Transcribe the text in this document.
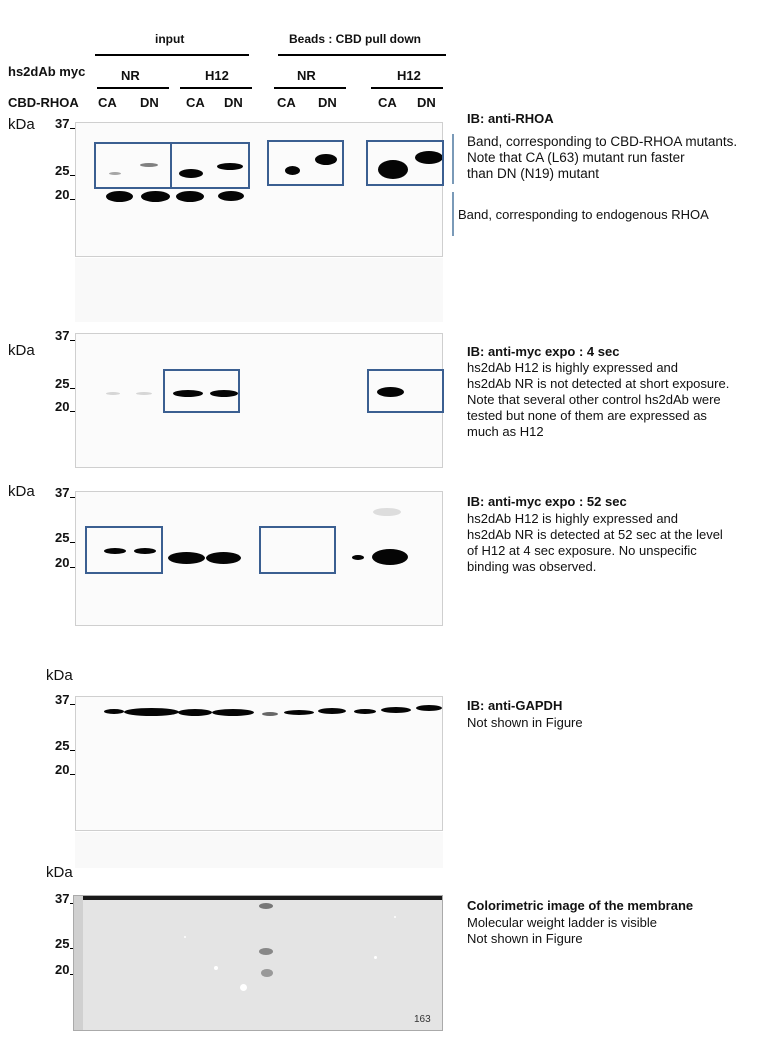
input	Beads : CBD pull down
hs2dAb myc	NR	H12	NR	H12
CBD-RHOA CA DN CA DN	CA DN	CA DN
kDa 37
25
20
IB: anti-RHOA
Band, corresponding to CBD-RHOA mutants.
Note that CA (L63) mutant run faster
than DN (N19) mutant
Band, corresponding to endogenous RHOA
kDa
37
25
20
IB: anti-myc expo : 4 sec
hs2dAb H12 is highly expressed and
hs2dAb NR is not detected at short exposure.
Note that several other control hs2dAb were
tested but none of them are expressed as
much as H12
kDa 37
25
20
IB: anti-myc expo : 52 sec
hs2dAb H12 is highly expressed and
hs2dAb NR is detected at 52 sec at the level
of H12 at 4 sec exposure. No unspecific
binding was observed.
kDa
37
25
20
IB: anti-GAPDH
Not shown in Figure
kDa
37
25
20
163
Colorimetric image of the membrane
Molecular weight ladder is visible
Not shown in Figure
